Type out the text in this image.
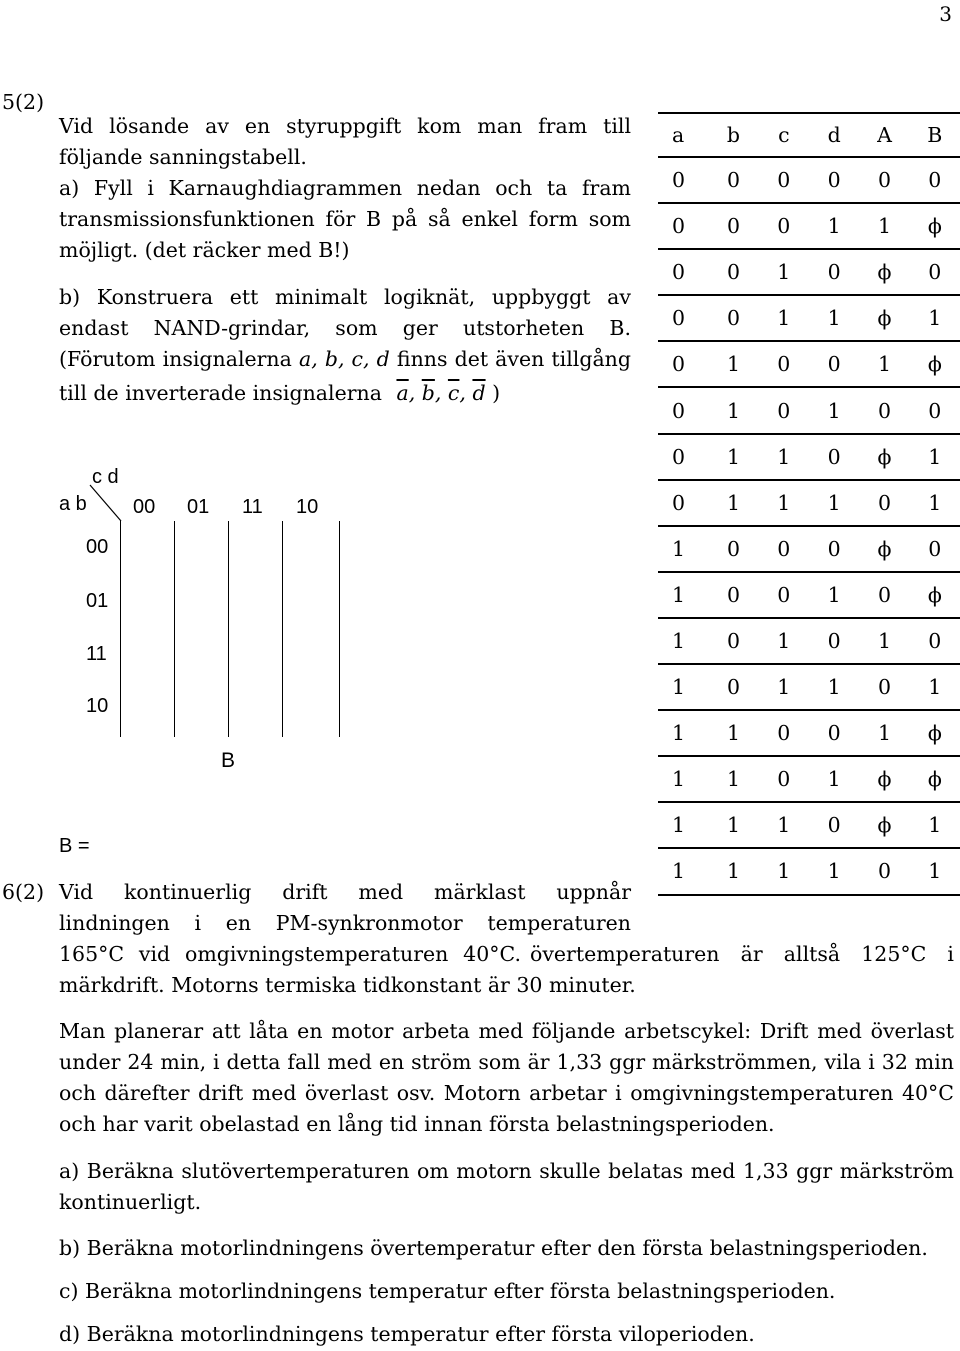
3
5(2)
Vid lösande av en styruppgift kom man fram till
följande sanningstabell.
a) Fyll i Karnaughdiagrammen nedan och ta fram
transmissionsfunktionen för B på så enkel form som
möjligt. (det räcker med B!)
b) Konstruera ett minimalt logiknät, uppbyggt av
endast NAND-grindar, som ger utstorheten B.
(Förutom insignalerna a, b, c, d finns det även tillgång
till de inverterade insignalerna $\overline{a}$, $\overline{b}$, $\overline{c}$, $\overline{d}$ )
c d
a b 00 01 11 10
00
01
11
10
B
B =
a	b	c	d	A	B
0	0	0	0	0	0
0	0	0	1	1	ϕ
0	0	1	0	ϕ	0
0	0	1	1	ϕ	1
0	1	0	0	1	ϕ
0	1	0	1	0	0
0	1	1	0	ϕ	1
0	1	1	1	0	1
1	0	0	0	ϕ	0
1	0	0	1	0	ϕ
1	0	1	0	1	0
1	0	1	1	0	1
1	1	0	0	1	ϕ
1	1	0	1	ϕ	ϕ
1	1	1	0	ϕ	1
1	1	1	1	0	1
6(2) Vid kontinuerlig drift med märklast uppnår
lindningen i en PM-synkronmotor temperaturen
165°C vid omgivningstemperaturen 40°C. övertemperaturen är alltså 125°C i
märkdrift. Motorns termiska tidkonstant är 30 minuter.
Man planerar att låta en motor arbeta med följande arbetscykel: Drift med överlast
under 24 min, i detta fall med en ström som är 1,33 ggr märkströmmen, vila i 32 min
och därefter drift med överlast osv. Motorn arbetar i omgivningstemperaturen 40°C
och har varit obelastad en lång tid innan första belastningsperioden.
a) Beräkna slutövertemperaturen om motorn skulle belatas med 1,33 ggr märkström
kontinuerligt.
b) Beräkna motorlindningens övertemperatur efter den första belastningsperioden.
c) Beräkna motorlindningens temperatur efter första belastningsperioden.
d) Beräkna motorlindningens temperatur efter första viloperioden.
